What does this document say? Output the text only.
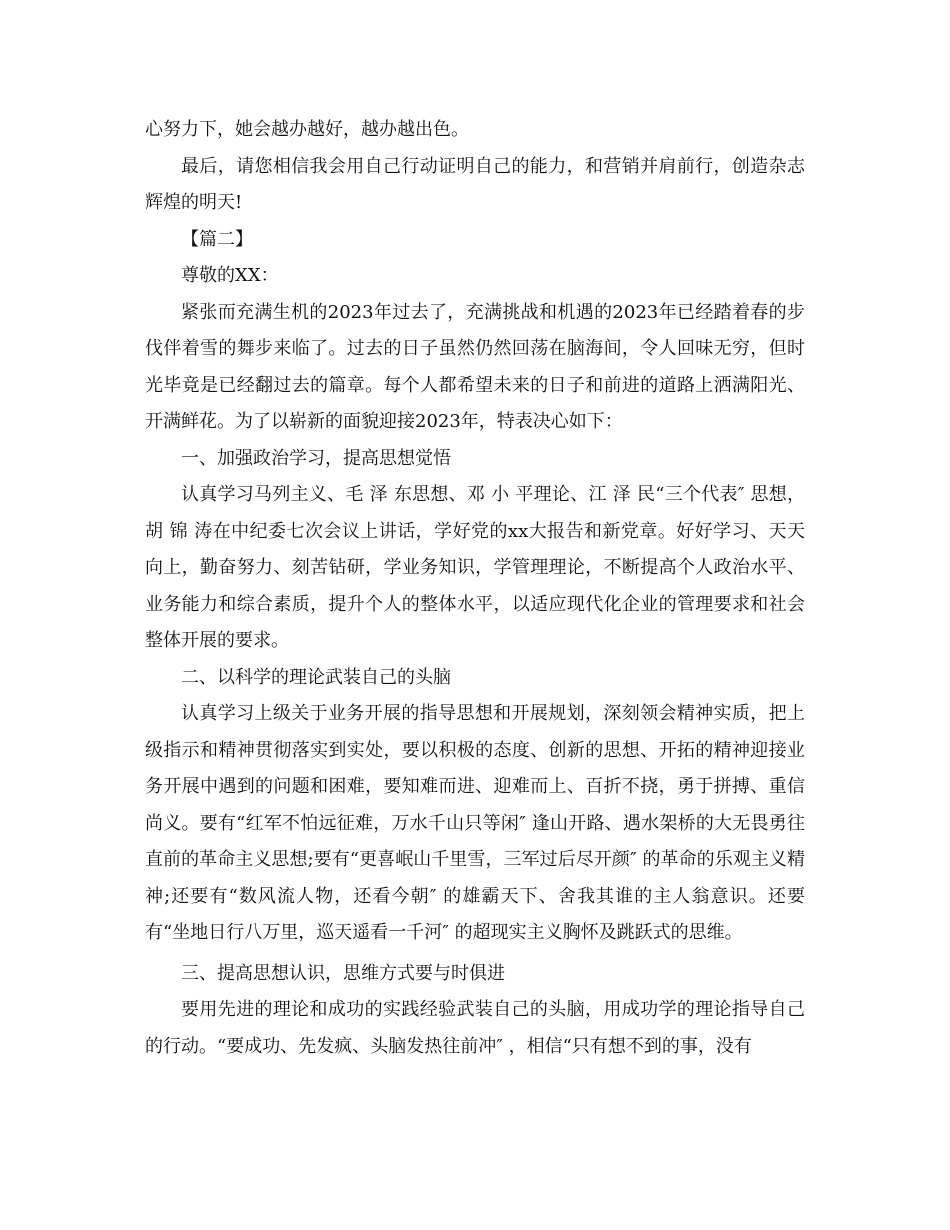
心努力下，她会越办越好，越办越出色。

最后，请您相信我会用自己行动证明自己的能力，和营销并肩前行，创造杂志辉煌的明天!

【篇二】

尊敬的XX：

紧张而充满生机的2023年过去了，充满挑战和机遇的2023年已经踏着春的步伐伴着雪的舞步来临了。过去的日子虽然仍然回荡在脑海间，令人回味无穷，但时光毕竟是已经翻过去的篇章。每个人都希望未来的日子和前进的道路上洒满阳光、开满鲜花。为了以崭新的面貌迎接2023年，特表决心如下：

一、加强政治学习，提高思想觉悟

认真学习马列主义、毛 泽 东思想、邓 小 平理论、江 泽 民“三个代表″ 思想，胡 锦 涛在中纪委七次会议上讲话，学好党的xx大报告和新党章。好好学习、天天向上，勤奋努力、刻苦钻研，学业务知识，学管理理论，不断提高个人政治水平、业务能力和综合素质，提升个人的整体水平，以适应现代化企业的管理要求和社会整体开展的要求。

二、以科学的理论武装自己的头脑

认真学习上级关于业务开展的指导思想和开展规划，深刻领会精神实质，把上级指示和精神贯彻落实到实处，要以积极的态度、创新的思想、开拓的精神迎接业务开展中遇到的问题和困难，要知难而进、迎难而上、百折不挠，勇于拼搏、重信尚义。要有“红军不怕远征难，万水千山只等闲″ 逢山开路、遇水架桥的大无畏勇往直前的革命主义思想;要有“更喜岷山千里雪，三军过后尽开颜″ 的革命的乐观主义精神;还要有“数风流人物，还看今朝″ 的雄霸天下、舍我其谁的主人翁意识。还要有“坐地日行八万里，巡天遥看一千河″ 的超现实主义胸怀及跳跃式的思维。

三、提高思想认识，思维方式要与时俱进

要用先进的理论和成功的实践经验武装自己的头脑，用成功学的理论指导自己的行动。“要成功、先发疯、头脑发热往前冲″ ，相信“只有想不到的事，没有
